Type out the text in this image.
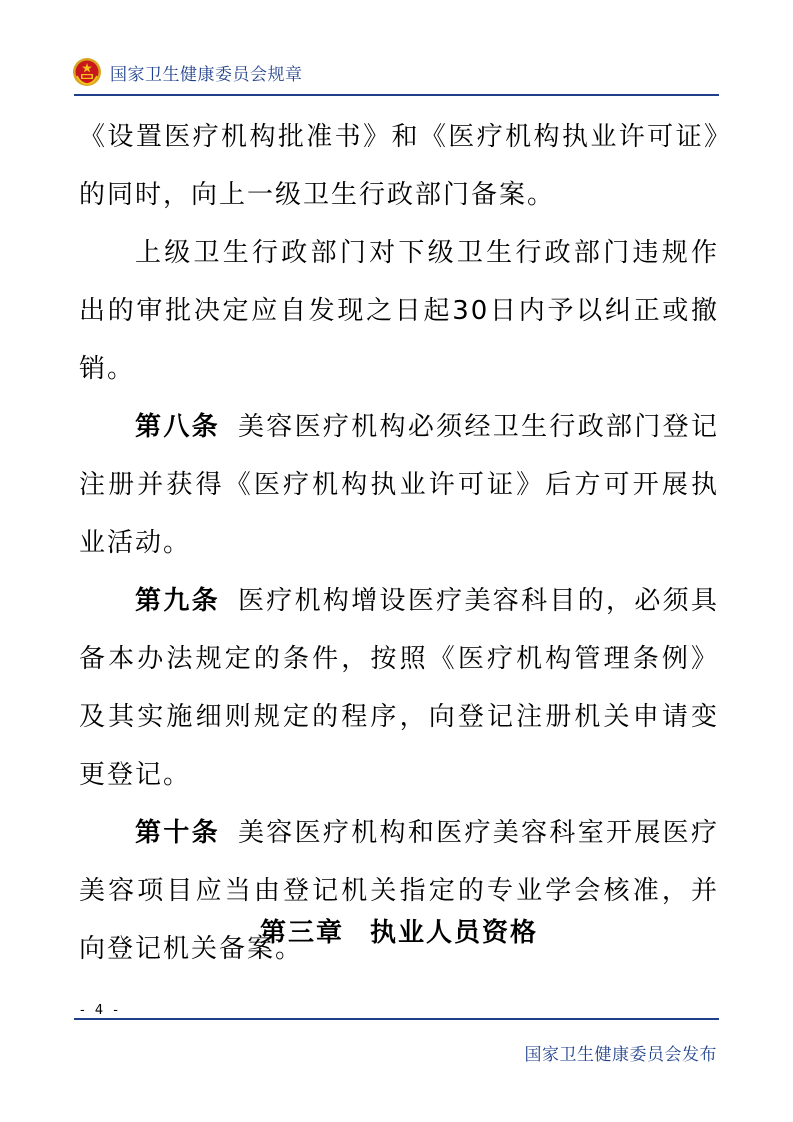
国家卫生健康委员会规章

《设置医疗机构批准书》和《医疗机构执业许可证》的同时，向上一级卫生行政部门备案。

上级卫生行政部门对下级卫生行政部门违规作出的审批决定应自发现之日起30日内予以纠正或撤销。

第八条 美容医疗机构必须经卫生行政部门登记注册并获得《医疗机构执业许可证》后方可开展执业活动。

第九条 医疗机构增设医疗美容科目的，必须具备本办法规定的条件，按照《医疗机构管理条例》及其实施细则规定的程序，向登记注册机关申请变更登记。

第十条 美容医疗机构和医疗美容科室开展医疗美容项目应当由登记机关指定的专业学会核准，并向登记机关备案。

第三章 执业人员资格
- 4 -
国家卫生健康委员会发布
